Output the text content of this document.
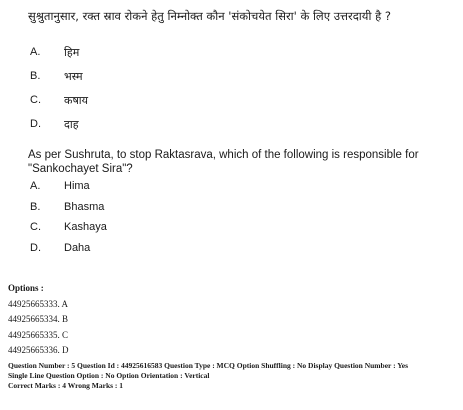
सुश्रुतानुसार, रक्त स्राव रोकने हेतु निम्नोक्त कौन 'संकोचयेत सिरा' के लिए उत्तरदायी है ?
A.	हिम
B.	भस्म
C.	कषाय
D.	दाह
As per Sushruta, to stop Raktasrava, which of the following is responsible for "Sankochayet Sira"?
A.	Hima
B.	Bhasma
C.	Kashaya
D.	Daha
Options :
44925665333. A
44925665334. B
44925665335. C
44925665336. D
Question Number : 5 Question Id : 44925616583 Question Type : MCQ Option Shuffling : No Display Question Number : Yes
Single Line Question Option : No Option Orientation : Vertical
Correct Marks : 4 Wrong Marks : 1
